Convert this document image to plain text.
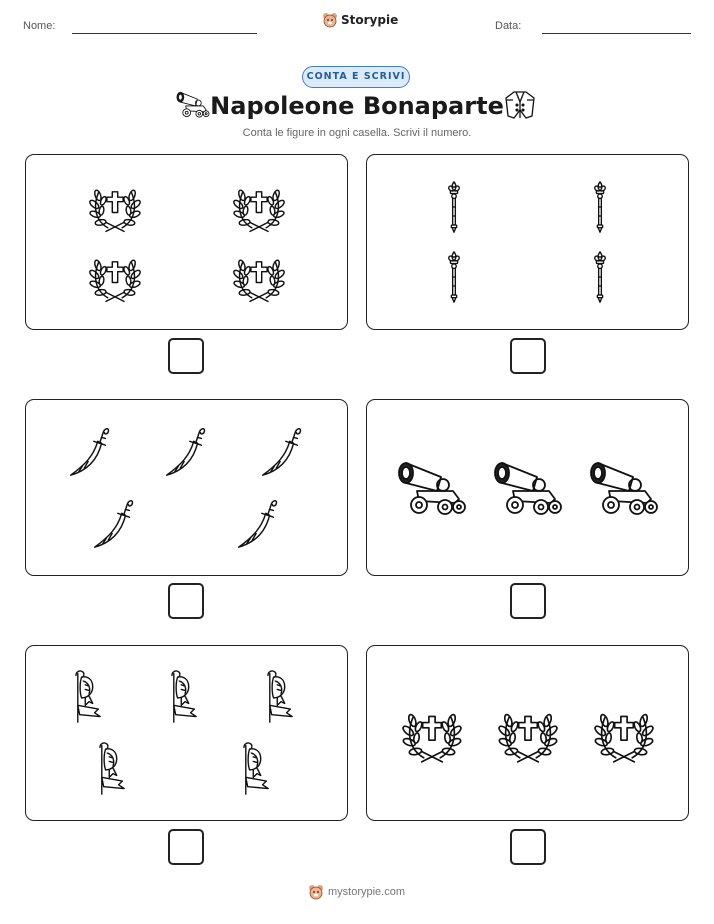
Nome:	Storypie	Data:
CONTA E SCRIVI
Napoleone Bonaparte
Conta le figure in ogni casella. Scrivi il numero.
mystorypie.com
